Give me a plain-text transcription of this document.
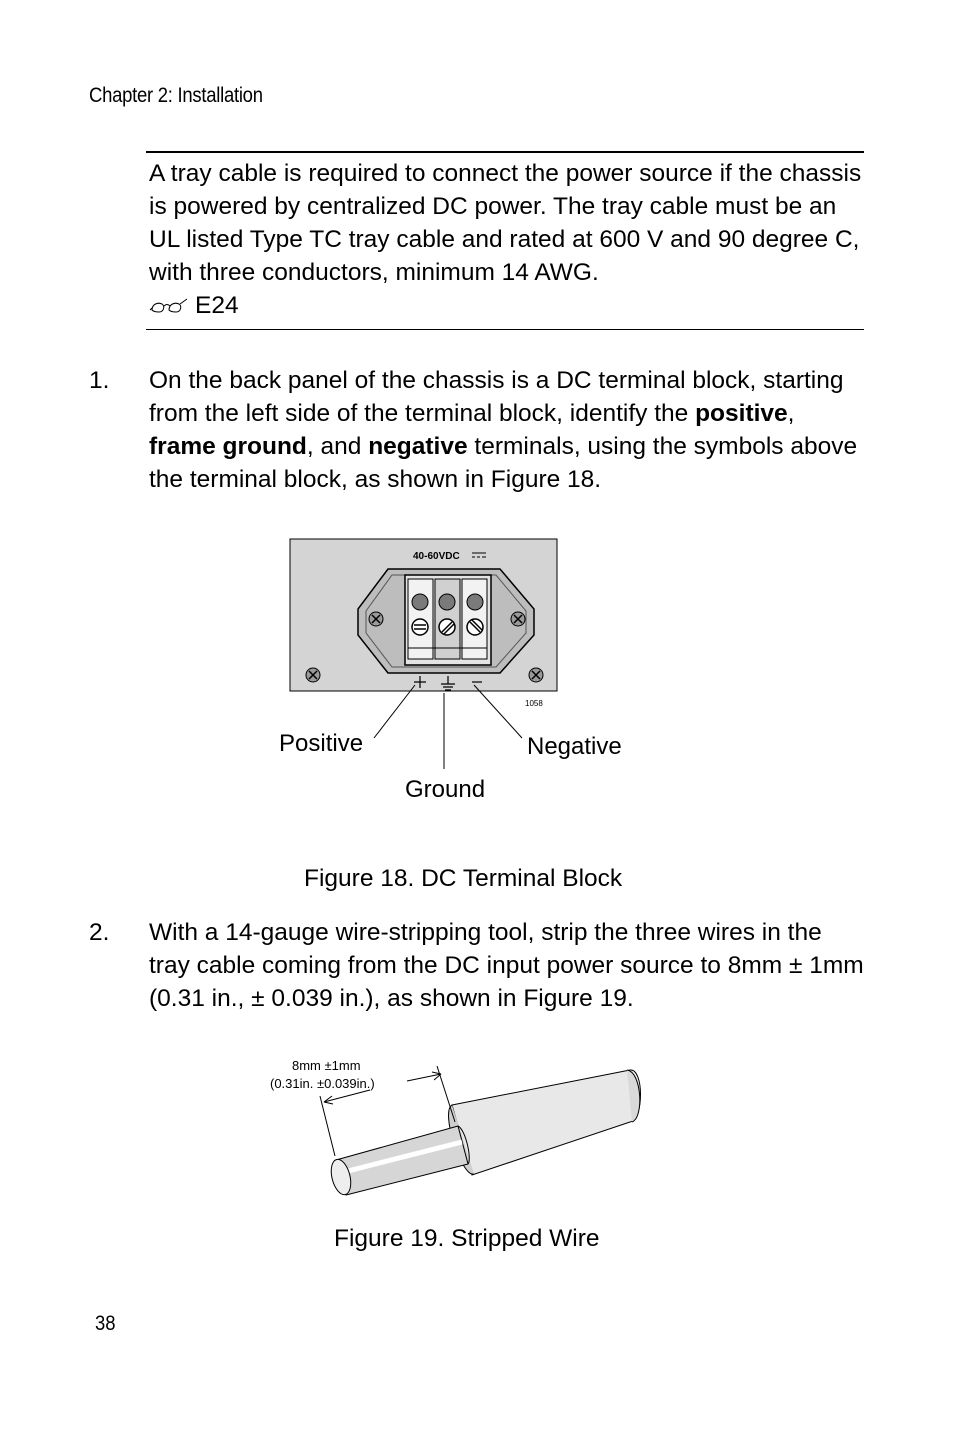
Chapter 2: Installation

A tray cable is required to connect the power source if the chassis is powered by centralized DC power. The tray cable must be an UL listed Type TC tray cable and rated at 600 V and 90 degree C, with three conductors, minimum 14 AWG.

E24
1. On the back panel of the chassis is a DC terminal block, starting from the left side of the terminal block, identify the positive, frame ground, and negative terminals, using the symbols above the terminal block, as shown in Figure 18.
40-60VDC
1058
Positive
Ground
Negative
Figure 18. DC Terminal Block
2. With a 14-gauge wire-stripping tool, strip the three wires in the tray cable coming from the DC input power source to 8mm ± 1mm (0.31 in., ± 0.039 in.), as shown in Figure 19.
8mm ±1mm
(0.31in. ±0.039in.)
Figure 19. Stripped Wire
38
